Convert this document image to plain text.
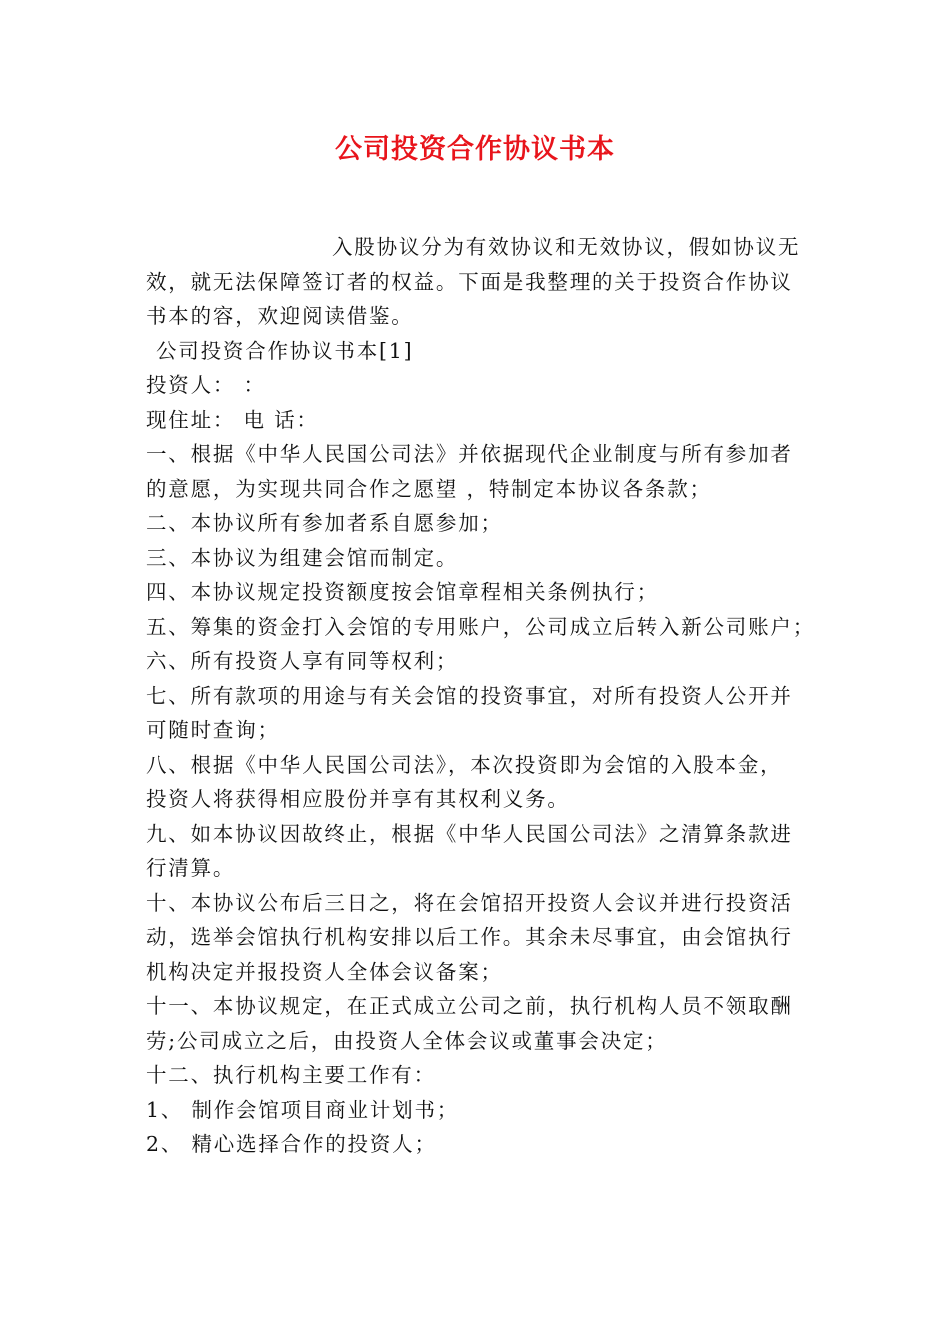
公司投资合作协议书本

入股协议分为有效协议和无效协议，假如协议无

效，就无法保障签订者的权益。下面是我整理的关于投资合作协议

书本的容，欢迎阅读借鉴。

公司投资合作协议书本[1]

投资人： ：

现住址： 电 话：

一、根据《中华人民国公司法》并依据现代企业制度与所有参加者

的意愿，为实现共同合作之愿望 ，特制定本协议各条款；

二、本协议所有参加者系自愿参加；

三、本协议为组建会馆而制定。

四、本协议规定投资额度按会馆章程相关条例执行；

五、筹集的资金打入会馆的专用账户，公司成立后转入新公司账户；

六、所有投资人享有同等权利；

七、所有款项的用途与有关会馆的投资事宜，对所有投资人公开并

可随时查询；

八、根据《中华人民国公司法》，本次投资即为会馆的入股本金，

投资人将获得相应股份并享有其权利义务。

九、如本协议因故终止，根据《中华人民国公司法》之清算条款进

行清算。

十、本协议公布后三日之，将在会馆招开投资人会议并进行投资活

动，选举会馆执行机构安排以后工作。其余未尽事宜，由会馆执行

机构决定并报投资人全体会议备案；

十一、本协议规定，在正式成立公司之前，执行机构人员不领取酬

劳;公司成立之后，由投资人全体会议或董事会决定；

十二、执行机构主要工作有：

1、 制作会馆项目商业计划书；

2、 精心选择合作的投资人；
